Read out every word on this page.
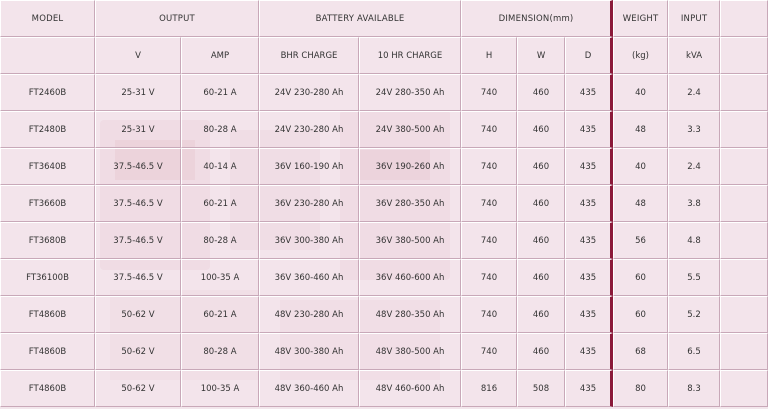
MODEL	OUTPUT		BATTERY AVAILABLE		DIMENSION(mm)			WEIGHT	INPUT	
	V	AMP	BHR CHARGE	10 HR CHARGE	H	W	D	(kg)	kVA	
FT2460B	25-31 V	60-21 A	24V 230-280 Ah	24V 280-350 Ah	740	460	435	40	2.4	
FT2480B	25-31 V	80-28 A	24V 230-280 Ah	24V 380-500 Ah	740	460	435	48	3.3	
FT3640B	37.5-46.5 V	40-14 A	36V 160-190 Ah	36V 190-260 Ah	740	460	435	40	2.4	
FT3660B	37.5-46.5 V	60-21 A	36V 230-280 Ah	36V 280-350 Ah	740	460	435	48	3.8	
FT3680B	37.5-46.5 V	80-28 A	36V 300-380 Ah	36V 380-500 Ah	740	460	435	56	4.8	
FT36100B	37.5-46.5 V	100-35 A	36V 360-460 Ah	36V 460-600 Ah	740	460	435	60	5.5	
FT4860B	50-62 V	60-21 A	48V 230-280 Ah	48V 280-350 Ah	740	460	435	60	5.2	
FT4860B	50-62 V	80-28 A	48V 300-380 Ah	48V 380-500 Ah	740	460	435	68	6.5	
FT4860B	50-62 V	100-35 A	48V 360-460 Ah	48V 460-600 Ah	816	508	435	80	8.3	
